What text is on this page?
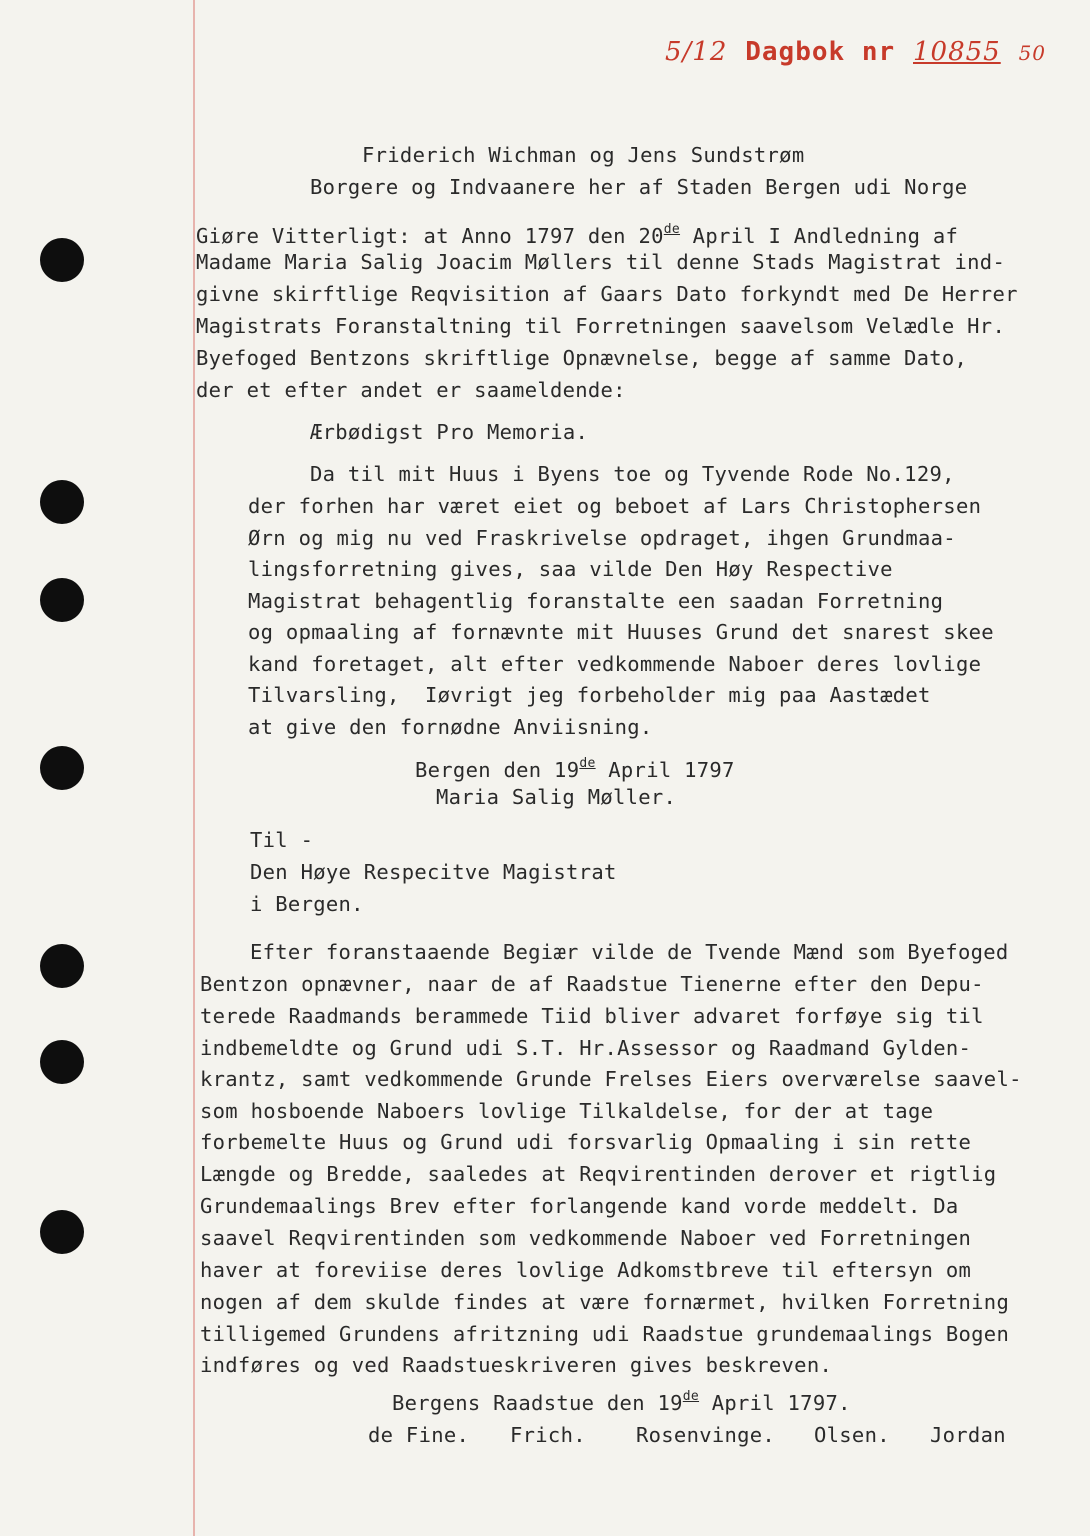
5/12 Dagbok nr 10855 50
Friderich Wichman og Jens Sundstrøm
Borgere og Indvaanere her af Staden Bergen udi Norge
Giøre Vitterligt: at Anno 1797 den 20de April I Andledning af
Madame Maria Salig Joacim Møllers til denne Stads Magistrat ind-
givne skirftlige Reqvisition af Gaars Dato forkyndt med De Herrer
Magistrats Foranstaltning til Forretningen saavelsom Velædle Hr.
Byefoged Bentzons skriftlige Opnævnelse, begge af samme Dato,
der et efter andet er saameldende:
Ærbødigst Pro Memoria.
Da til mit Huus i Byens toe og Tyvende Rode No.129,
der forhen har været eiet og beboet af Lars Christophersen
Ørn og mig nu ved Fraskrivelse opdraget, ihgen Grundmaa-
lingsforretning gives, saa vilde Den Høy Respective
Magistrat behagentlig foranstalte een saadan Forretning
og opmaaling af fornævnte mit Huuses Grund det snarest skee
kand foretaget, alt efter vedkommende Naboer deres lovlige
Tilvarsling,  Iøvrigt jeg forbeholder mig paa Aastædet
at give den fornødne Anviisning.
Bergen den 19de April 1797
Maria Salig Møller.
Til -
Den Høye Respecitve Magistrat
i Bergen.
Efter foranstaaende Begiær vilde de Tvende Mænd som Byefoged
Bentzon opnævner, naar de af Raadstue Tienerne efter den Depu-
terede Raadmands berammede Tiid bliver advaret forføye sig til
indbemeldte og Grund udi S.T. Hr.Assessor og Raadmand Gylden-
krantz, samt vedkommende Grunde Frelses Eiers overværelse saavel-
som hosboende Naboers lovlige Tilkaldelse, for der at tage
forbemelte Huus og Grund udi forsvarlig Opmaaling i sin rette
Længde og Bredde, saaledes at Reqvirentinden derover et rigtlig
Grundemaalings Brev efter forlangende kand vorde meddelt. Da
saavel Reqvirentinden som vedkommende Naboer ved Forretningen
haver at foreviise deres lovlige Adkomstbreve til eftersyn om
nogen af dem skulde findes at være fornærmet, hvilken Forretning
tilligemed Grundens afritzning udi Raadstue grundemaalings Bogen
indføres og ved Raadstueskriveren gives beskreven.
Bergens Raadstue den 19de April 1797.
de Fine. Frich. Rosenvinge. Olsen. Jordan
